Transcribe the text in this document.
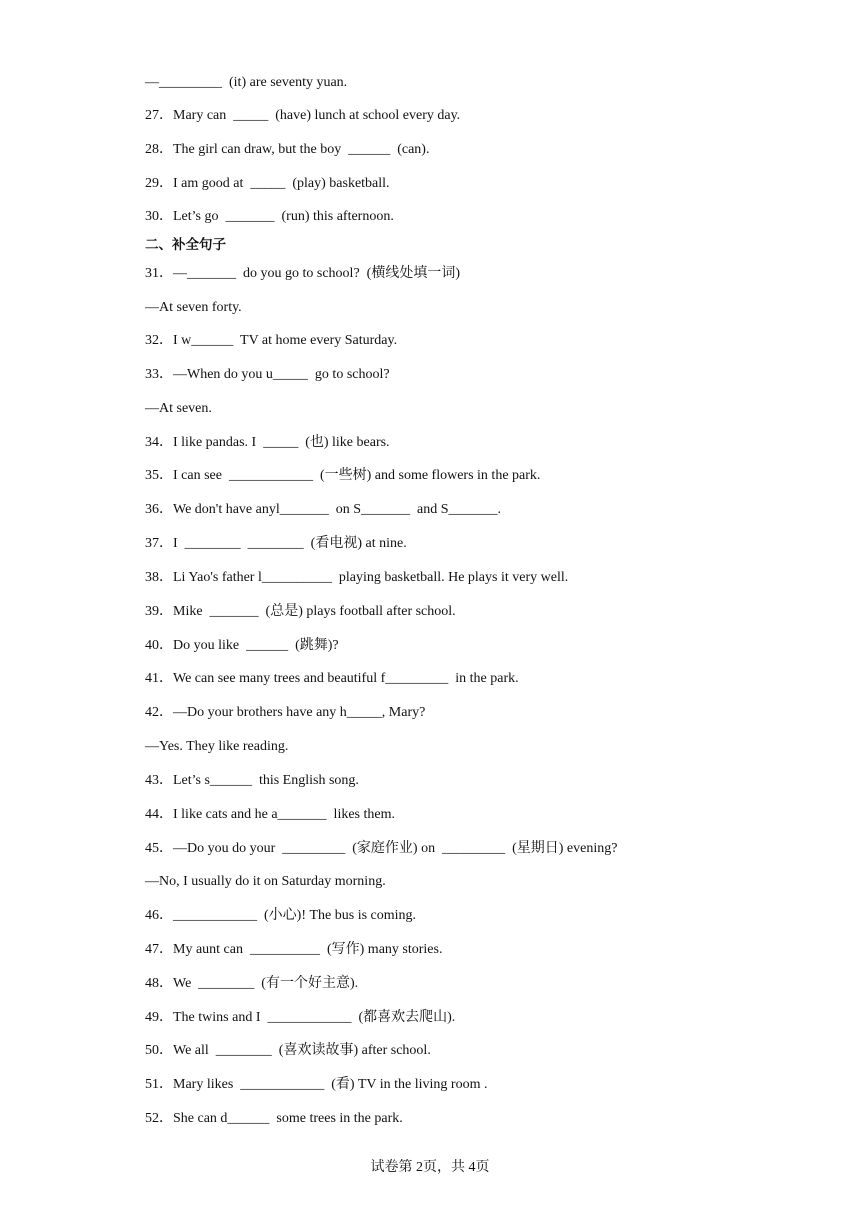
—_________  (it) are seventy yuan.
27．Mary can  _____  (have) lunch at school every day.
28．The girl can draw, but the boy  ______  (can).
29．I am good at  _____  (play) basketball.
30．Let’s go  _______  (run) this afternoon.
二、补全句子
31．—_______  do you go to school?  (横线处填一词)
—At seven forty.
32．I w______  TV at home every Saturday.
33．—When do you u_____  go to school?
—At seven.
34．I like pandas. I  _____  (也) like bears.
35．I can see  ____________  (一些树) and some flowers in the park.
36．We don't have anyl_______  on S_______  and S_______.
37．I  ________  ________  (看电视) at nine.
38．Li Yao's father l__________  playing basketball. He plays it very well.
39．Mike  _______  (总是) plays football after school.
40．Do you like  ______  (跳舞)?
41．We can see many trees and beautiful f_________  in the park.
42．—Do your brothers have any h_____, Mary?
—Yes. They like reading.
43．Let’s s______  this English song.
44．I like cats and he a_______  likes them.
45．—Do you do your  _________  (家庭作业) on  _________  (星期日) evening?
—No, I usually do it on Saturday morning.
46．____________  (小心)! The bus is coming.
47．My aunt can  __________  (写作) many stories.
48．We  ________  (有一个好主意).
49．The twins and I  ____________  (都喜欢去爬山).
50．We all  ________  (喜欢读故事) after school.
51．Mary likes  ____________  (看) TV in the living room .
52．She can d______  some trees in the park.
试卷第 2页，共 4页
